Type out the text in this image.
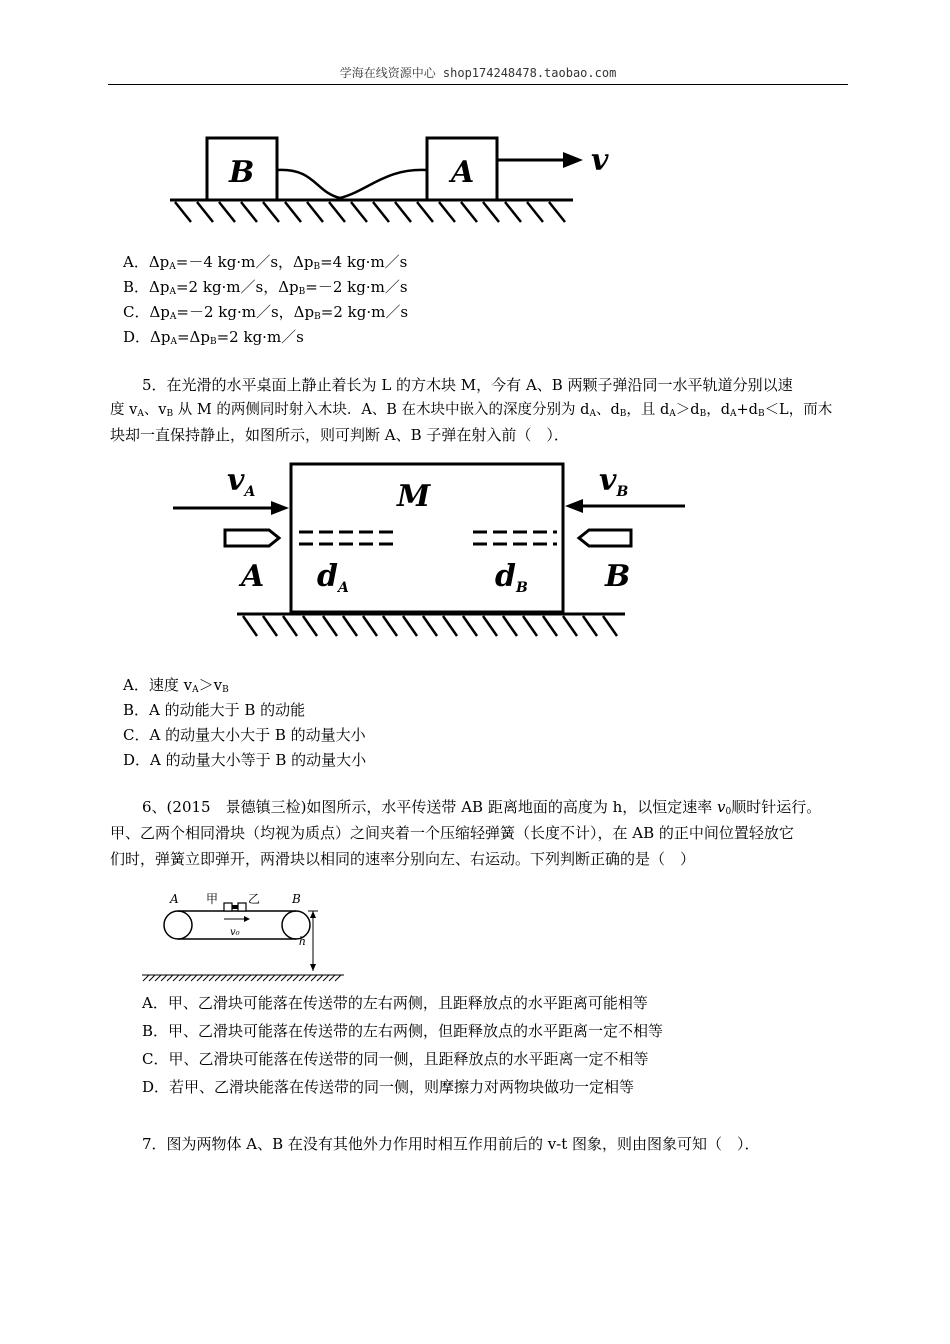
学海在线资源中心 shop174248478.taobao.com
B	A	v
A．$\Delta p_A=-4$ kg·m／s，$\Delta p_B=4$ kg·m／s
B．$\Delta p_A=2$ kg·m／s，$\Delta p_B=-2$ kg·m／s
C．$\Delta p_A=-2$ kg·m／s，$\Delta p_B=2$ kg·m／s
D．$\Delta p_A=\Delta p_B=2$ kg·m／s
5．在光滑的水平桌面上静止着长为 L 的方木块 M，今有 A、B 两颗子弹沿同一水平轨道分别以速
度 $v_A$、$v_B$ 从 M 的两侧同时射入木块．A、B 在木块中嵌入的深度分别为 $d_A$、$d_B$，且 $d_A>d_B$，$d_A+d_B<L$，而木
块却一直保持静止，如图所示，则可判断 A、B 子弹在射入前（　）．
$v_A$	$v_B$
M
A	B
$d_A$	$d_B$
A．速度 $v_A>v_B$
B．A 的动能大于 B 的动能
C．A 的动量大小大于 B 的动量大小
D．A 的动量大小等于 B 的动量大小
6、(2015　景德镇三检)如图所示，水平传送带 AB 距离地面的高度为 h，以恒定速率 $v_0$顺时针运行。
甲、乙两个相同滑块（均视为质点）之间夹着一个压缩轻弹簧（长度不计），在 AB 的正中间位置轻放它
们时，弹簧立即弹开，两滑块以相同的速率分别向左、右运动。下列判断正确的是（　）
A	B
甲 乙
v₀
h
A．甲、乙滑块可能落在传送带的左右两侧，且距释放点的水平距离可能相等
B．甲、乙滑块可能落在传送带的左右两侧，但距释放点的水平距离一定不相等
C．甲、乙滑块可能落在传送带的同一侧，且距释放点的水平距离一定不相等
D．若甲、乙滑块能落在传送带的同一侧，则摩擦力对两物块做功一定相等
7．图为两物体 A、B 在没有其他外力作用时相互作用前后的 v-t 图象，则由图象可知（　）．
